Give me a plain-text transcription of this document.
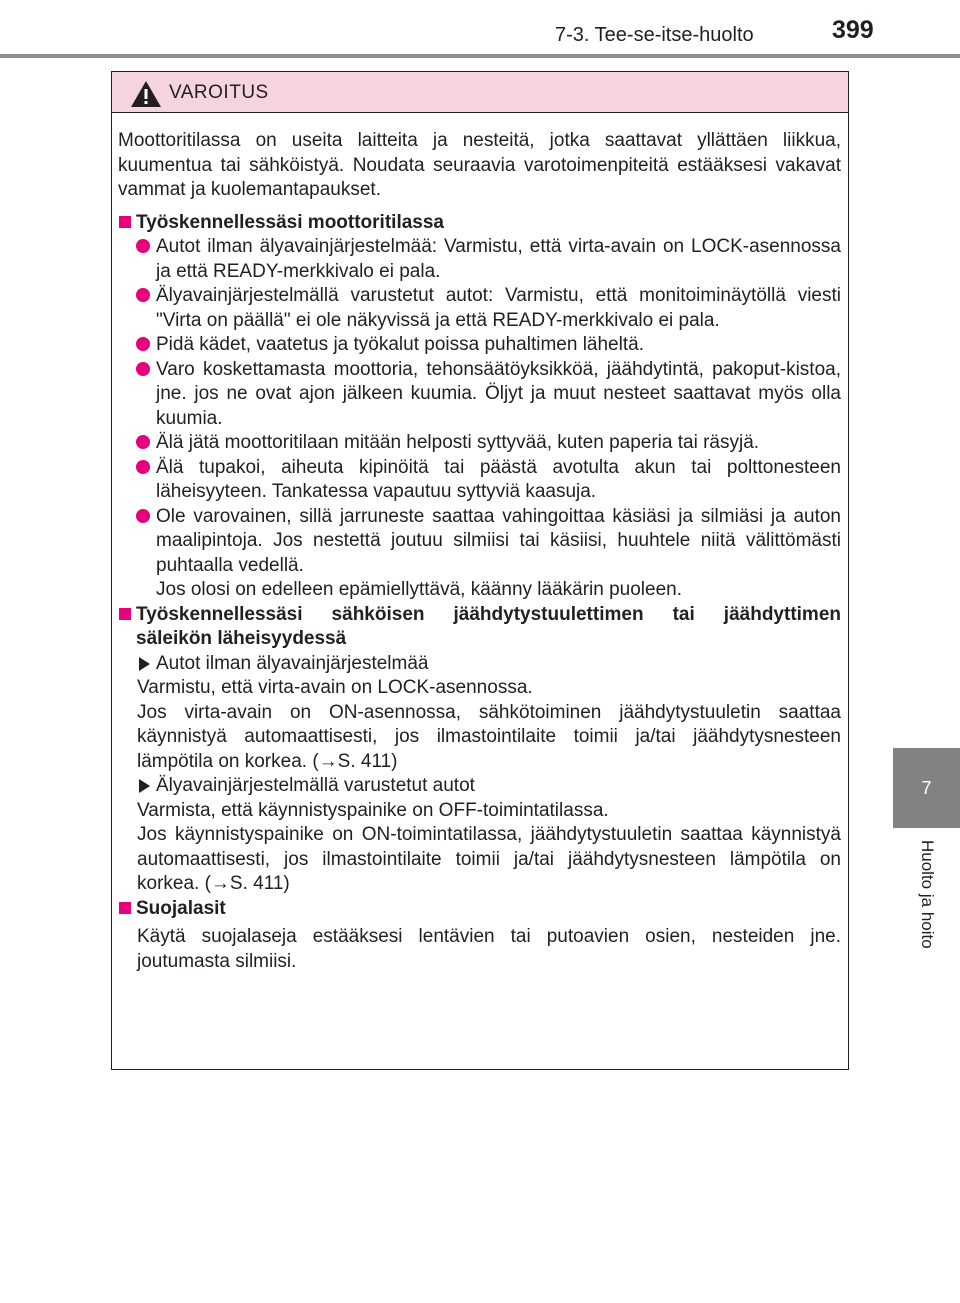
7-3. Tee-se-itse-huolto	399
7
Huolto ja hoito
VAROITUS

Moottoritilassa on useita laitteita ja nesteitä, jotka saattavat yllättäen liikkua, kuumentua tai sähköistyä. Noudata seuraavia varotoimenpiteitä estääksesi vakavat vammat ja kuolemantapaukset.

Työskennellessäsi moottoritilassa

Autot ilman älyavainjärjestelmää: Varmistu, että virta-avain on LOCK-asennossa ja että READY-merkkivalo ei pala.

Älyavainjärjestelmällä varustetut autot: Varmistu, että monitoiminäytöllä viesti "Virta on päällä" ei ole näkyvissä ja että READY-merkkivalo ei pala.

Pidä kädet, vaatetus ja työkalut poissa puhaltimen läheltä.

Varo koskettamasta moottoria, tehonsäätöyksikköä, jäähdytintä, pakoput-kistoa, jne. jos ne ovat ajon jälkeen kuumia. Öljyt ja muut nesteet saattavat myös olla kuumia.

Älä jätä moottoritilaan mitään helposti syttyvää, kuten paperia tai räsyjä.

Älä tupakoi, aiheuta kipinöitä tai päästä avotulta akun tai polttonesteen läheisyyteen. Tankatessa vapautuu syttyviä kaasuja.

Ole varovainen, sillä jarruneste saattaa vahingoittaa käsiäsi ja silmiäsi ja auton maalipintoja. Jos nestettä joutuu silmiisi tai käsiisi, huuhtele niitä välittömästi puhtaalla vedellä.
Jos olosi on edelleen epämiellyttävä, käänny lääkärin puoleen.

Työskennellessäsi sähköisen jäähdytystuulettimen tai jäähdyttimen
säleikön läheisyydessä

Autot ilman älyavainjärjestelmää

Varmistu, että virta-avain on LOCK-asennossa.

Jos virta-avain on ON-asennossa, sähkötoiminen jäähdytystuuletin saattaa käynnistyä automaattisesti, jos ilmastointilaite toimii ja/tai jäähdytysnesteen lämpötila on korkea. (→S. 411)

Älyavainjärjestelmällä varustetut autot

Varmista, että käynnistyspainike on OFF-toimintatilassa.

Jos käynnistyspainike on ON-toimintatilassa, jäähdytystuuletin saattaa käynnistyä automaattisesti, jos ilmastointilaite toimii ja/tai jäähdytysnesteen lämpötila on korkea. (→S. 411)

Suojalasit

Käytä suojalaseja estääksesi lentävien tai putoavien osien, nesteiden jne. joutumasta silmiisi.
